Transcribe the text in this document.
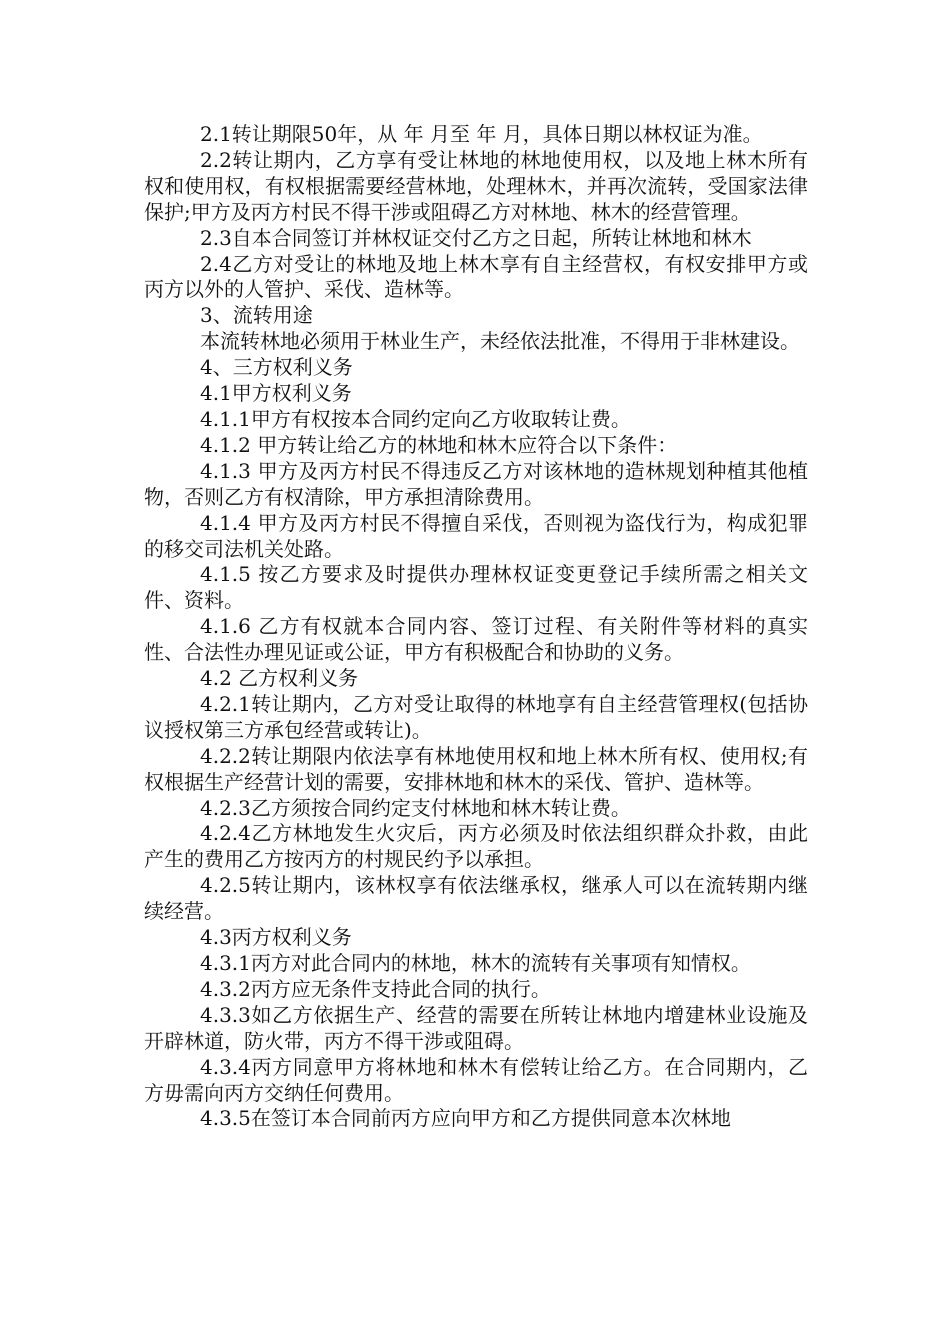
2.1转让期限50年，从 年 月至 年 月，具体日期以林权证为准。

2.2转让期内，乙方享有受让林地的林地使用权，以及地上林木所有权和使用权，有权根据需要经营林地，处理林木，并再次流转，受国家法律保护;甲方及丙方村民不得干涉或阻碍乙方对林地、林木的经营管理。

2.3自本合同签订并林权证交付乙方之日起，所转让林地和林木

2.4乙方对受让的林地及地上林木享有自主经营权，有权安排甲方或丙方以外的人管护、采伐、造林等。

3、流转用途

本流转林地必须用于林业生产，未经依法批准，不得用于非林建设。

4、三方权利义务

4.1甲方权利义务

4.1.1甲方有权按本合同约定向乙方收取转让费。

4.1.2 甲方转让给乙方的林地和林木应符合以下条件：

4.1.3 甲方及丙方村民不得违反乙方对该林地的造林规划种植其他植物，否则乙方有权清除，甲方承担清除费用。

4.1.4 甲方及丙方村民不得擅自采伐，否则视为盗伐行为，构成犯罪的移交司法机关处路。

4.1.5 按乙方要求及时提供办理林权证变更登记手续所需之相关文件、资料。

4.1.6 乙方有权就本合同内容、签订过程、有关附件等材料的真实性、合法性办理见证或公证，甲方有积极配合和协助的义务。

4.2 乙方权利义务

4.2.1转让期内，乙方对受让取得的林地享有自主经营管理权(包括协议授权第三方承包经营或转让)。

4.2.2转让期限内依法享有林地使用权和地上林木所有权、使用权;有权根据生产经营计划的需要，安排林地和林木的采伐、管护、造林等。

4.2.3乙方须按合同约定支付林地和林木转让费。

4.2.4乙方林地发生火灾后，丙方必须及时依法组织群众扑救，由此产生的费用乙方按丙方的村规民约予以承担。

4.2.5转让期内，该林权享有依法继承权，继承人可以在流转期内继续经营。

4.3丙方权利义务

4.3.1丙方对此合同内的林地，林木的流转有关事项有知情权。

4.3.2丙方应无条件支持此合同的执行。

4.3.3如乙方依据生产、经营的需要在所转让林地内增建林业设施及开辟林道，防火带，丙方不得干涉或阻碍。

4.3.4丙方同意甲方将林地和林木有偿转让给乙方。在合同期内，乙方毋需向丙方交纳任何费用。

4.3.5在签订本合同前丙方应向甲方和乙方提供同意本次林地
